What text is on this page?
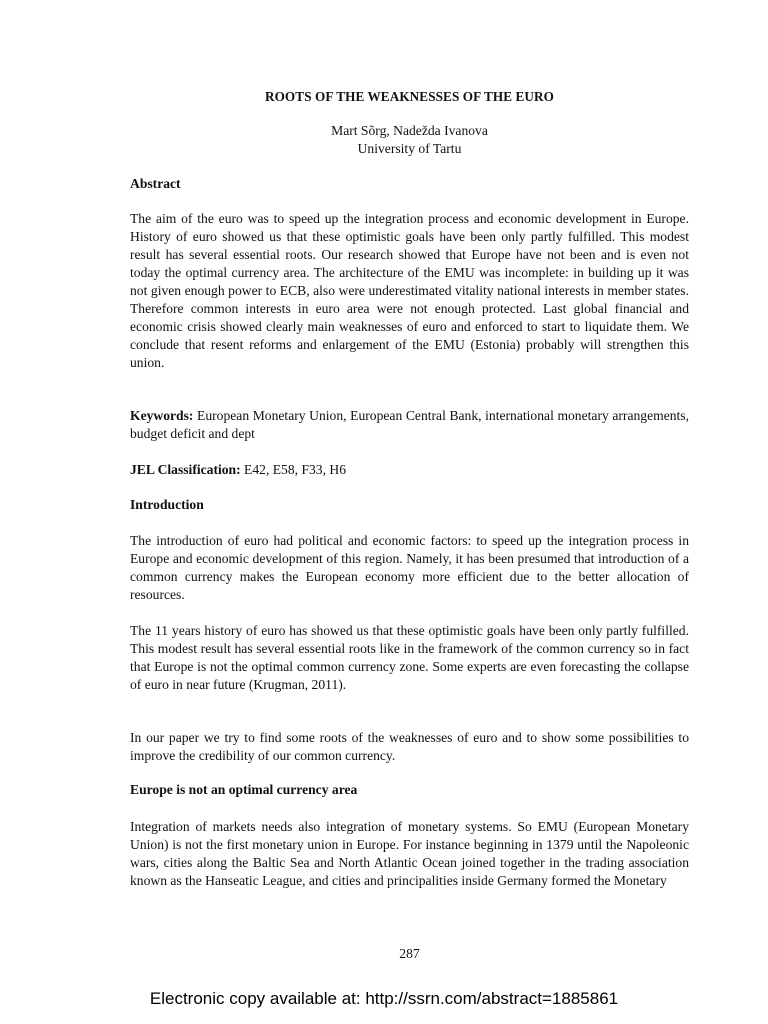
ROOTS OF THE WEAKNESSES OF THE EURO
Mart Sõrg, Nadežda Ivanova
University of Tartu
Abstract

The aim of the euro was to speed up the integration process and economic development in Europe. History of euro showed us that these optimistic goals have been only partly fulfilled. This modest result has several essential roots. Our research showed that Europe have not been and is even not today the optimal currency area. The architecture of the EMU was incomplete: in building up it was not given enough power to ECB, also were underestimated vitality national interests in member states. Therefore common interests in euro area were not enough protected. Last global financial and economic crisis showed clearly main weaknesses of euro and enforced to start to liquidate them. We conclude that resent reforms and enlargement of the EMU (Estonia) probably will strengthen this union.

Keywords: European Monetary Union, European Central Bank, international monetary arrangements, budget deficit and dept

JEL Classification: E42, E58, F33, H6

Introduction

The introduction of euro had political and economic factors: to speed up the integration process in Europe and economic development of this region. Namely, it has been presumed that introduction of a common currency makes the European economy more efficient due to the better allocation of resources.

The 11 years history of euro has showed us that these optimistic goals have been only partly fulfilled. This modest result has several essential roots like in the framework of the common currency so in fact that Europe is not the optimal common currency zone. Some experts are even forecasting the collapse of euro in near future (Krugman, 2011).

In our paper we try to find some roots of the weaknesses of euro and to show some possibilities to improve the credibility of our common currency.

Europe is not an optimal currency area

Integration of markets needs also integration of monetary systems. So EMU (European Monetary Union) is not the first monetary union in Europe. For instance beginning in 1379 until the Napoleonic wars, cities along the Baltic Sea and North Atlantic Ocean joined together in the trading association known as the Hanseatic League, and cities and principalities inside Germany formed the Monetary

287
Electronic copy available at: http://ssrn.com/abstract=1885861
